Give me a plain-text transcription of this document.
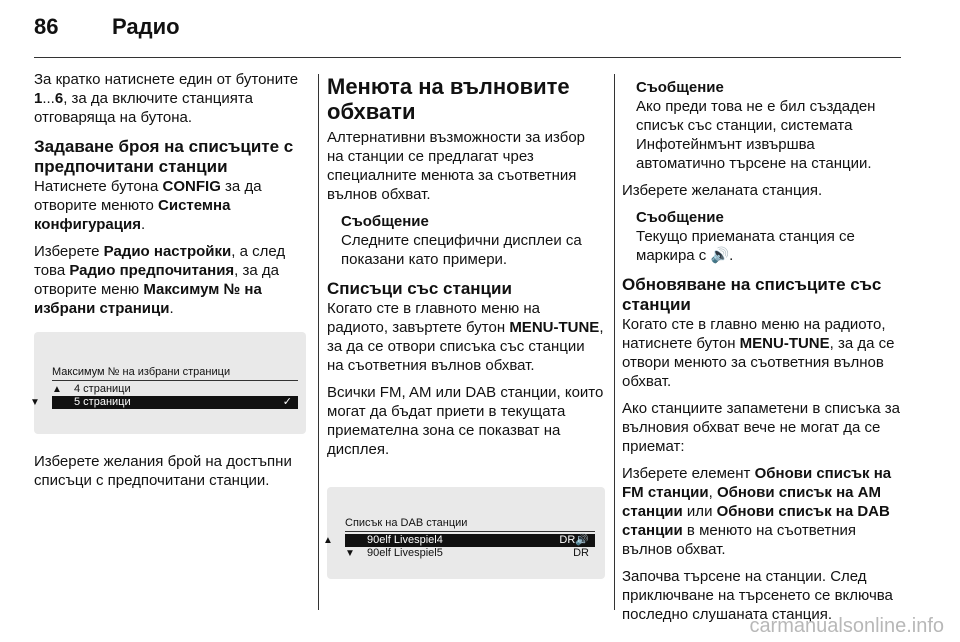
86 Радио

За кратко натиснете един от бутоните 1...6, за да включите станцията отговаряща на бутона.

Задаване броя на списъците с предпочитани станции

Натиснете бутона CONFIG за да отворите менюто Системна конфигурация.

Изберете Радио настройки, а след това Радио предпочитания, за да отворите меню Максимум № на избрани страници.

Максимум № на избрани страници
▲ 4 страници
▼	5 страници	✓

Изберете желания брой на достъпни списъци с предпочитани станции.

Менюта на вълновите обхвати

Алтернативни възможности за избор на станции се предлагат чрез специалните менюта за съответния вълнов обхват.

Съобщение
Следните специфични дисплеи са показани като примери.
Списъци със станции

Когато сте в главното меню на радиото, завъртете бутон MENU-TUNE, за да се отвори списъка със станции на съответния вълнов обхват.

Всички FM, AM или DAB станции, които могат да бъдат приети в текущата приемателна зона се показват на дисплея.

Списък на DAB станции
▲	90elf Livespiel4	DR🔊
▼ 90elf Livespiel5	DR
Съобщение
Ако преди това не е бил създаден списък със станции, системата Инфотейнмънт извършва автоматично търсене на станции.

Изберете желаната станция.

Съобщение
Текущо приеманата станция се маркира с 🔊.
Обновяване на списъците със станции

Когато сте в главно меню на радиото, натиснете бутон MENU-TUNE, за да се отвори менюто за съответния вълнов обхват.

Ако станциите запаметени в списъка за вълновия обхват вече не могат да се приемат:

Изберете елемент Обнови списък на FM станции, Обнови списък на AM станции или Обнови списък на DAB станции в менюто на съответния вълнов обхват.

Започва търсене на станции. След приключване на търсенето се включва последно слушаната станция.

carmanualsonline.info
